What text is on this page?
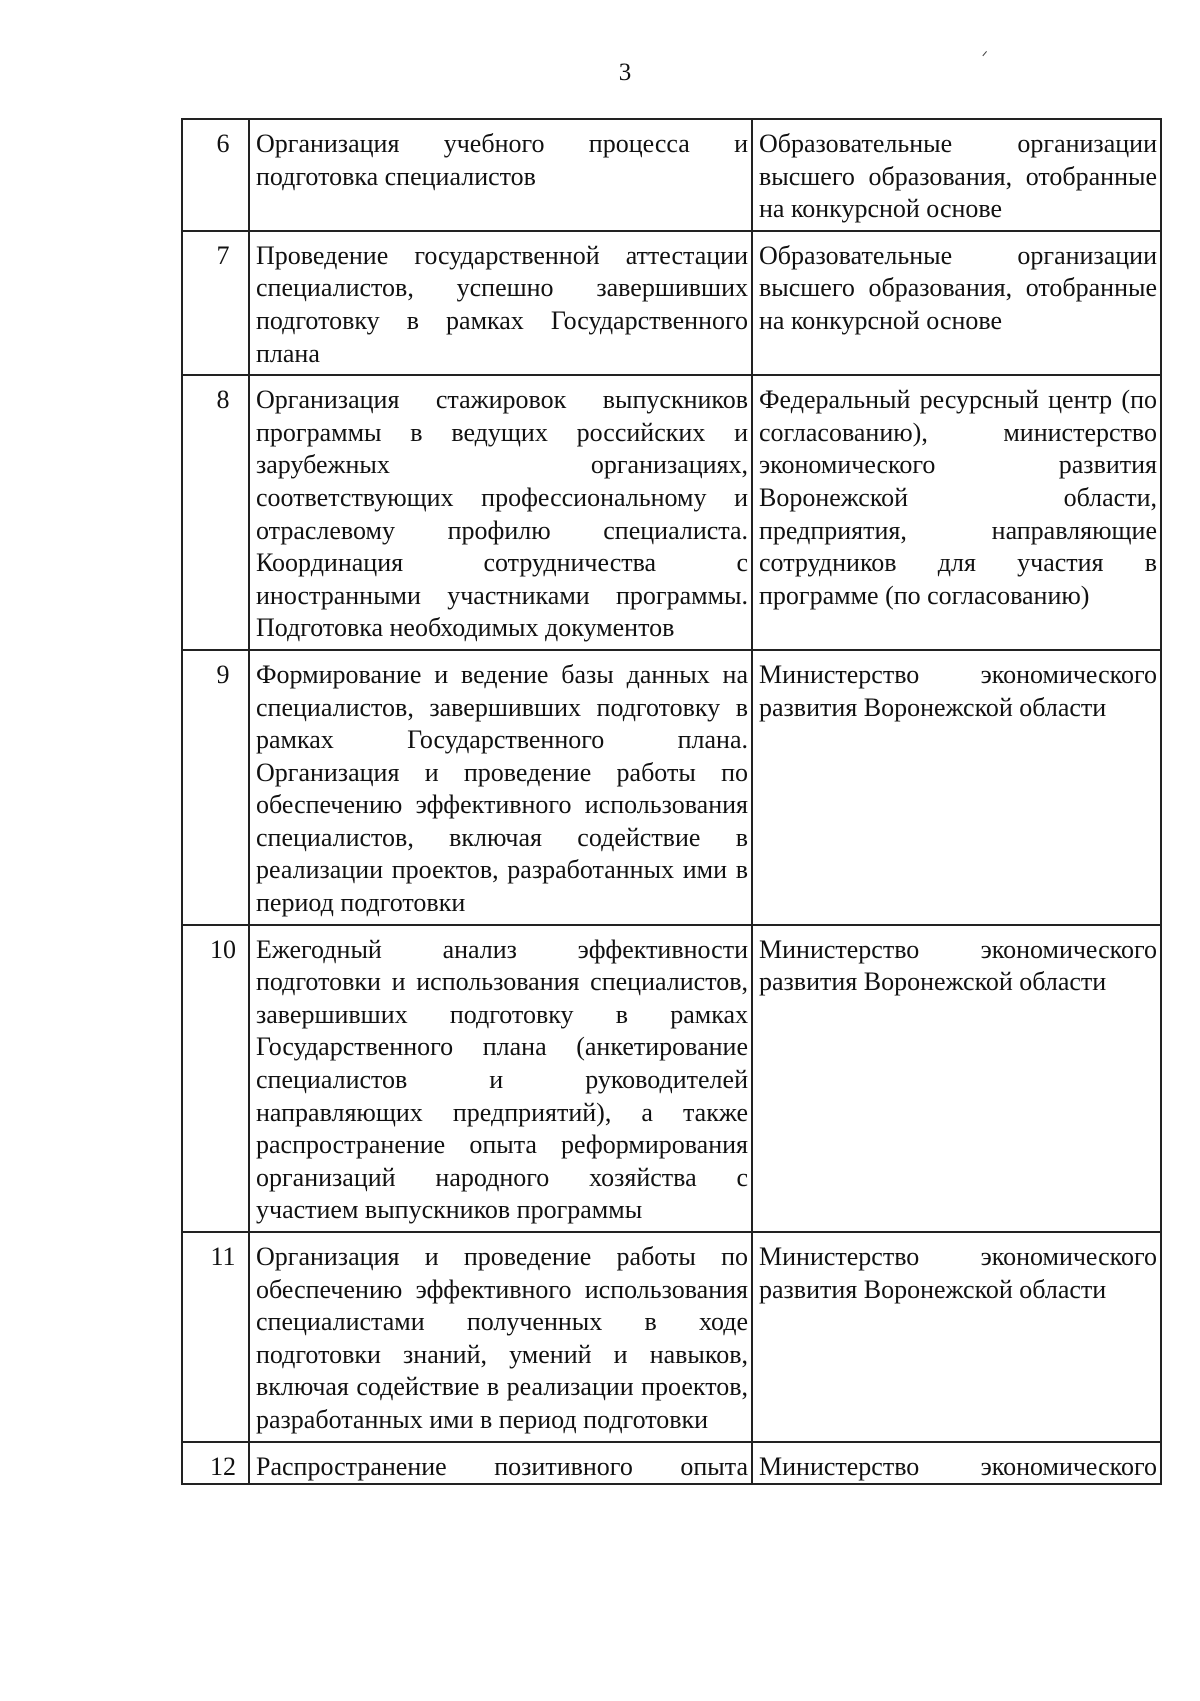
3
6	Организация учебного процесса и подготовка специалистов	Образовательные организации высшего образования, отобранные на конкурсной основе

7	Проведение государственной аттестации специалистов, успешно завершивших подготовку в рамках Государственного плана	Образовательные организации высшего образования, отобранные на конкурсной основе

8	Организация стажировок выпускников программы в ведущих российских и зарубежных организациях, соответствующих профессиональному и отраслевому профилю специалиста. Координация сотрудничества с иностранными участниками программы. Подготовка необходимых документов	Федеральный ресурсный центр (по согласованию), министерство экономического развития Воронежской области, предприятия, направляющие сотрудников для участия в программе (по согласованию)

9	Формирование и ведение базы данных на специалистов, завершивших подготовку в рамках Государственного плана. Организация и проведение работы по обеспечению эффективного использования специалистов, включая содействие в реализации проектов, разработанных ими в период подготовки	Министерство экономического развития Воронежской области

10	Ежегодный анализ эффективности подготовки и использования специалистов, завершивших подготовку в рамках Государственного плана (анкетирование специалистов и руководителей направляющих предприятий), а также распространение опыта реформирования организаций народного хозяйства с участием выпускников программы	Министерство экономического развития Воронежской области

11	Организация и проведение работы по обеспечению эффективного использования специалистами полученных в ходе подготовки знаний, умений и навыков, включая содействие в реализации проектов, разработанных ими в период подготовки	Министерство экономического развития Воронежской области

12	Распространение позитивного опыта	Министерство экономического
